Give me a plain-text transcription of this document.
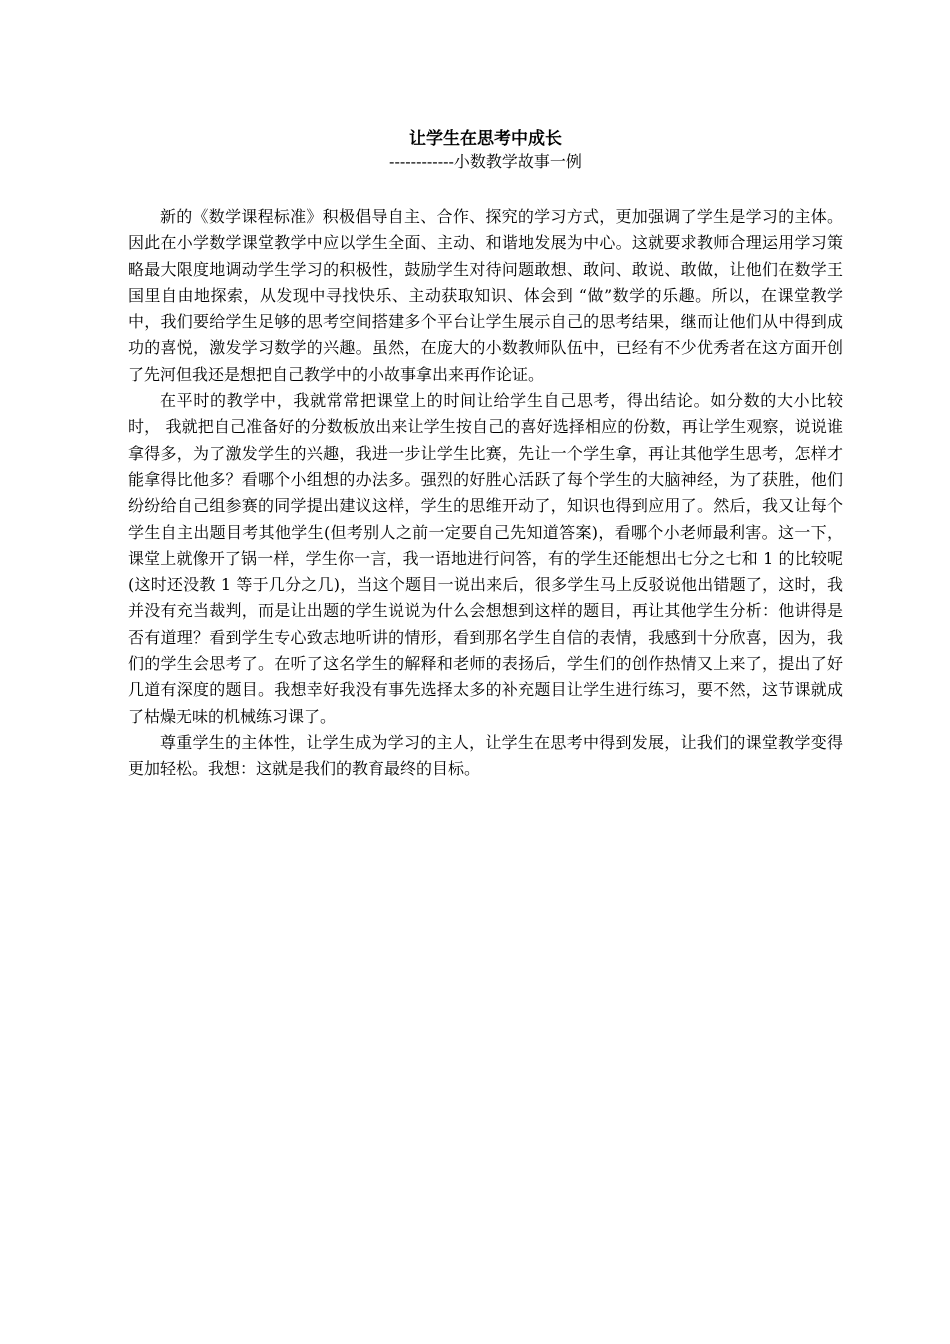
让学生在思考中成长
------------小数教学故事一例

新的《数学课程标准》积极倡导自主、合作、探究的学习方式，更加强调了学生是学习的主体。因此在小学数学课堂教学中应以学生全面、主动、和谐地发展为中心。这就要求教师合理运用学习策略最大限度地调动学生学习的积极性，鼓励学生对待问题敢想、敢问、敢说、敢做，让他们在数学王国里自由地探索，从发现中寻找快乐、主动获取知识、体会到 “做”数学的乐趣。所以，在课堂教学中，我们要给学生足够的思考空间搭建多个平台让学生展示自己的思考结果，继而让他们从中得到成功的喜悦，激发学习数学的兴趣。虽然，在庞大的小数教师队伍中，已经有不少优秀者在这方面开创了先河但我还是想把自己教学中的小故事拿出来再作论证。

在平时的教学中，我就常常把课堂上的时间让给学生自己思考，得出结论。如分数的大小比较时， 我就把自己准备好的分数板放出来让学生按自己的喜好选择相应的份数，再让学生观察，说说谁拿得多，为了激发学生的兴趣，我进一步让学生比赛，先让一个学生拿，再让其他学生思考，怎样才能拿得比他多？看哪个小组想的办法多。强烈的好胜心活跃了每个学生的大脑神经，为了获胜，他们纷纷给自己组参赛的同学提出建议这样，学生的思维开动了，知识也得到应用了。然后，我又让每个学生自主出题目考其他学生(但考别人之前一定要自己先知道答案)，看哪个小老师最利害。这一下，课堂上就像开了锅一样，学生你一言，我一语地进行问答，有的学生还能想出七分之七和 1 的比较呢(这时还没教 1 等于几分之几)，当这个题目一说出来后，很多学生马上反驳说他出错题了，这时，我并没有充当裁判，而是让出题的学生说说为什么会想想到这样的题目，再让其他学生分析：他讲得是否有道理？看到学生专心致志地听讲的情形，看到那名学生自信的表情，我感到十分欣喜，因为，我们的学生会思考了。在听了这名学生的解释和老师的表扬后，学生们的创作热情又上来了，提出了好几道有深度的题目。我想幸好我没有事先选择太多的补充题目让学生进行练习，要不然，这节课就成了枯燥无味的机械练习课了。

尊重学生的主体性，让学生成为学习的主人，让学生在思考中得到发展，让我们的课堂教学变得更加轻松。我想：这就是我们的教育最终的目标。
